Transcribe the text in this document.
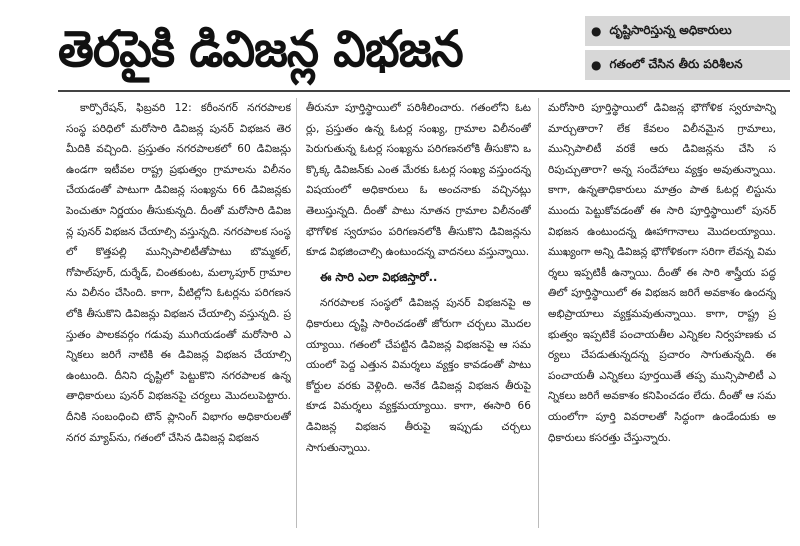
తెరపైకి డివిజన్ల విభజన	● దృష్టిసారిస్తున్న అధికారులు
● గతంలో చేసిన తీరు పరిశీలన

కార్పొరేషన్, ఫిబ్రవరి 12: కరీంనగర్ నగరపాలక సంస్థ పరిధిలో మరోసారి డివిజన్ల పునర్ విభజన తెరమీదికి వచ్చింది. ప్రస్తుతం నగరపాలకలో 60 డివిజన్లు ఉండగా ఇటీవల రాష్ట్ర ప్రభుత్వం గ్రామాలను విలీనం చేయడంతో పాటుగా డివిజన్ల సంఖ్యను 66 డివిజన్లకు పెంచుతూ నిర్ణయం తీసుకున్నది. దీంతో మరోసారి డివిజన్ల పునర్ విభజన చేయాల్సి వస్తున్నది. నగరపాలక సంస్థలో కొత్తపల్లి మున్సిపాలిటీతోపాటు బొమ్మకల్, గోపాల్‌పూర్, దుర్శేడ్, చింతకుంట, మల్కాపూర్ గ్రామాలను విలీనం చేసింది. కాగా, వీటిల్లోని ఓటర్లను పరిగణనలోకి తీసుకొని డివిజన్లు విభజన చేయాల్సి వస్తున్నది. ప్రస్తుతం పాలకవర్గం గడువు ముగియడంతో మరోసారి ఎన్నికలు జరిగే నాటికి ఈ డివిజన్ల విభజన చేయాల్సి ఉంటుంది. దీనిని దృష్టిలో పెట్టుకొని నగరపాలక ఉన్నతాధికారులు పునర్ విభజనపై చర్యలు మొదలుపెట్టారు. దీనికి సంబంధించి టౌన్ ప్లానింగ్ విభాగం అధికారులతో నగర మ్యాప్‌ను, గతంలో చేసిన డివిజన్ల విభజన

తీరునూ పూర్తిస్థాయిలో పరిశీలించారు. గతంలోని ఓటర్లు, ప్రస్తుతం ఉన్న ఓటర్ల సంఖ్య, గ్రామాల విలీనంతో పెరుగుతున్న ఓటర్ల సంఖ్యను పరిగణనలోకి తీసుకొని ఒక్కొక్క డివిజన్‌కు ఎంత మేరకు ఓటర్ల సంఖ్య వస్తుందన్న విషయంలో అధికారులు ఓ అంచనాకు వచ్చినట్లు తెలుస్తున్నది. దీంతో పాటు నూతన గ్రామాల విలీనంతో భౌగోళిక స్వరూపం పరిగణనలోకి తీసుకొని డివిజన్లను కూడ విభజించాల్సి ఉంటుందన్న వాదనలు వస్తున్నాయి.

ఈ సారి ఎలా విభజిస్తారో..

నగరపాలక సంస్థలో డివిజన్ల పునర్ విభజనపై అధికారులు దృష్టి సారించడంతో జోరుగా చర్చలు మొదలయ్యాయి. గతంలో చేపట్టిన డివిజన్ల విభజనపై ఆ సమయంలో పెద్ద ఎత్తున విమర్శలు వ్యక్తం కావడంతో పాటు కోర్టుల వరకు వెళ్లింది. అనేక డివిజన్ల విభజన తీరుపై కూడ విమర్శలు వ్యక్తమయ్యాయి. కాగా, ఈసారి 66 డివిజన్ల విభజన తీరుపై ఇప్పుడు చర్చలు సాగుతున్నాయి.

మరోసారి పూర్తిస్థాయిలో డివిజన్ల భౌగోళిక స్వరూపాన్ని మార్చుతారా? లేక కేవలం విలీనమైన గ్రామాలు, మున్సిపాలిటీ వరకే ఆరు డివిజన్లను చేసి సరిపుచ్చుతారా? అన్న సందేహాలు వ్యక్తం అవుతున్నాయి. కాగా, ఉన్నతాధికారులు మాత్రం పాత ఓటర్ల లిస్టును ముందు పెట్టుకోవడంతో ఈ సారి పూర్తిస్థాయిలో పునర్ విభజన ఉంటుందన్న ఊహాగానాలు మొదలయ్యాయి. ముఖ్యంగా అన్ని డివిజన్ల భౌగోళికంగా సరిగా లేవన్న విమర్శలు ఇప్పటికీ ఉన్నాయి. దీంతో ఈ సారి శాస్త్రీయ పద్ధతిలో పూర్తిస్థాయిలో ఈ విభజన జరిగే అవకాశం ఉందన్న అభిప్రాయాలు వ్యక్తమవుతున్నాయి. కాగా, రాష్ట్ర ప్రభుత్వం ఇప్పటికే పంచాయతీల ఎన్నికల నిర్వహణకు చర్యలు చేపడుతున్నదన్న ప్రచారం సాగుతున్నది. ఈ పంచాయతీ ఎన్నికలు పూర్తయితే తప్ప మున్సిపాలిటీ ఎన్నికలు జరిగే అవకాశం కనిపించడం లేదు. దీంతో ఆ సమయంలోగా పూర్తి వివరాలతో సిద్ధంగా ఉండేందుకు అధికారులు కసరత్తు చేస్తున్నారు.
